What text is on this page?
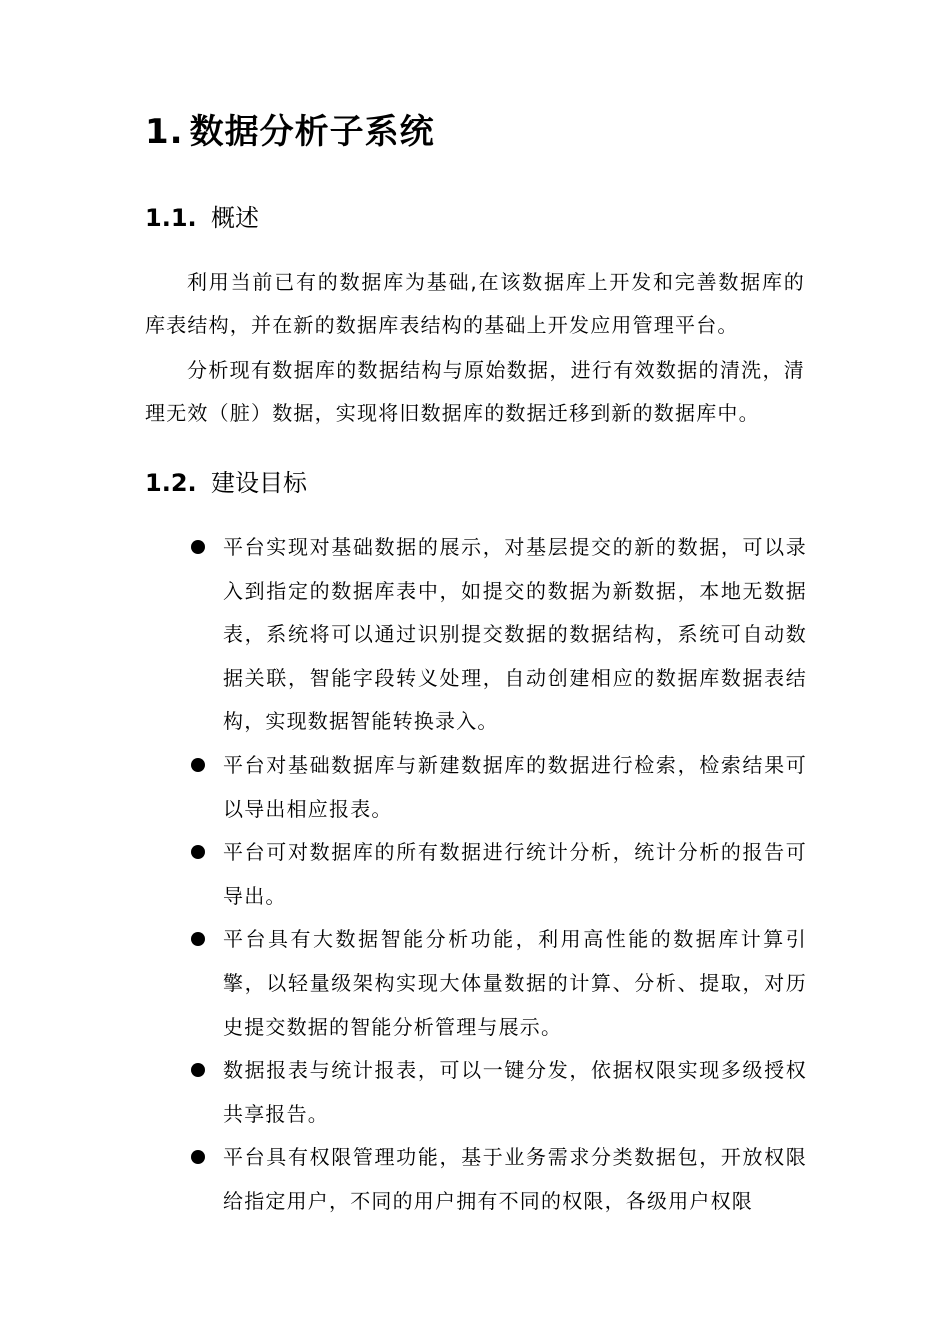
1. 数据分析子系统
1.1. 概述

利用当前已有的数据库为基础,在该数据库上开发和完善数据库的库表结构，并在新的数据库表结构的基础上开发应用管理平台。

分析现有数据库的数据结构与原始数据，进行有效数据的清洗，清理无效（脏）数据，实现将旧数据库的数据迁移到新的数据库中。

1.2. 建设目标
平台实现对基础数据的展示，对基层提交的新的数据，可以录入到指定的数据库表中，如提交的数据为新数据，本地无数据表，系统将可以通过识别提交数据的数据结构，系统可自动数据关联，智能字段转义处理，自动创建相应的数据库数据表结构，实现数据智能转换录入。
平台对基础数据库与新建数据库的数据进行检索，检索结果可以导出相应报表。
平台可对数据库的所有数据进行统计分析，统计分析的报告可导出。
平台具有大数据智能分析功能，利用高性能的数据库计算引擎，以轻量级架构实现大体量数据的计算、分析、提取，对历史提交数据的智能分析管理与展示。
数据报表与统计报表，可以一键分发，依据权限实现多级授权共享报告。
平台具有权限管理功能，基于业务需求分类数据包，开放权限给指定用户，不同的用户拥有不同的权限，各级用户权限
